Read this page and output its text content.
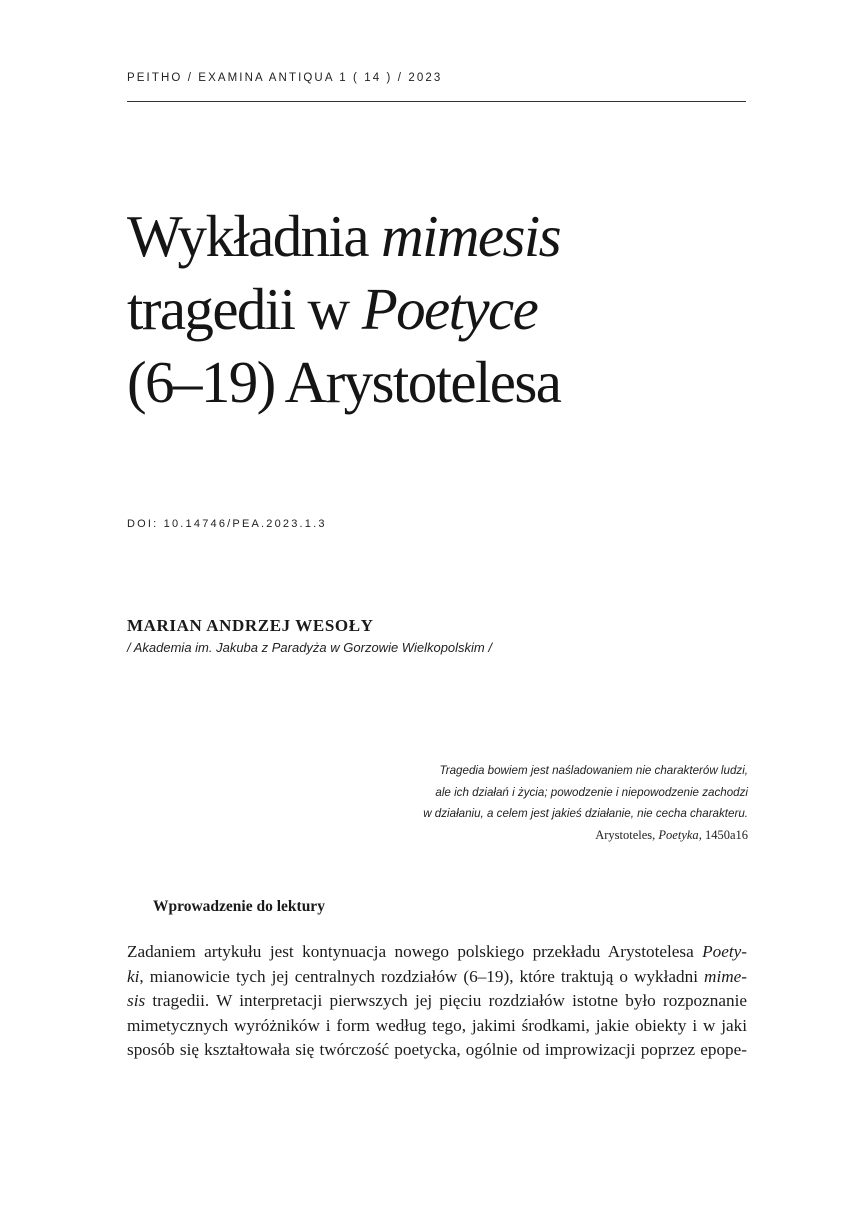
PEITHO / EXAMINA ANTIQUA 1 ( 14 ) / 2023
Wykładnia mimesis
tragedii w Poetyce
(6–19) Arystotelesa
DOI: 10.14746/PEA.2023.1.3
MARIAN ANDRZEJ WESOŁY
/ Akademia im. Jakuba z Paradyża w Gorzowie Wielkopolskim /
Tragedia bowiem jest naśladowaniem nie charakterów ludzi,
ale ich działań i życia; powodzenie i niepowodzenie zachodzi
w działaniu, a celem jest jakieś działanie, nie cecha charakteru.
Arystoteles, Poetyka, 1450a16
Wprowadzenie do lektury
Zadaniem artykułu jest kontynuacja nowego polskiego przekładu Arystotelesa Poety-
ki, mianowicie tych jej centralnych rozdziałów (6–19), które traktują o wykładni mime-
sis tragedii. W interpretacji pierwszych jej pięciu rozdziałów istotne było rozpoznanie
mimetycznych wyróżników i form według tego, jakimi środkami, jakie obiekty i w jaki
sposób się kształtowała się twórczość poetycka, ogólnie od improwizacji poprzez epope-
